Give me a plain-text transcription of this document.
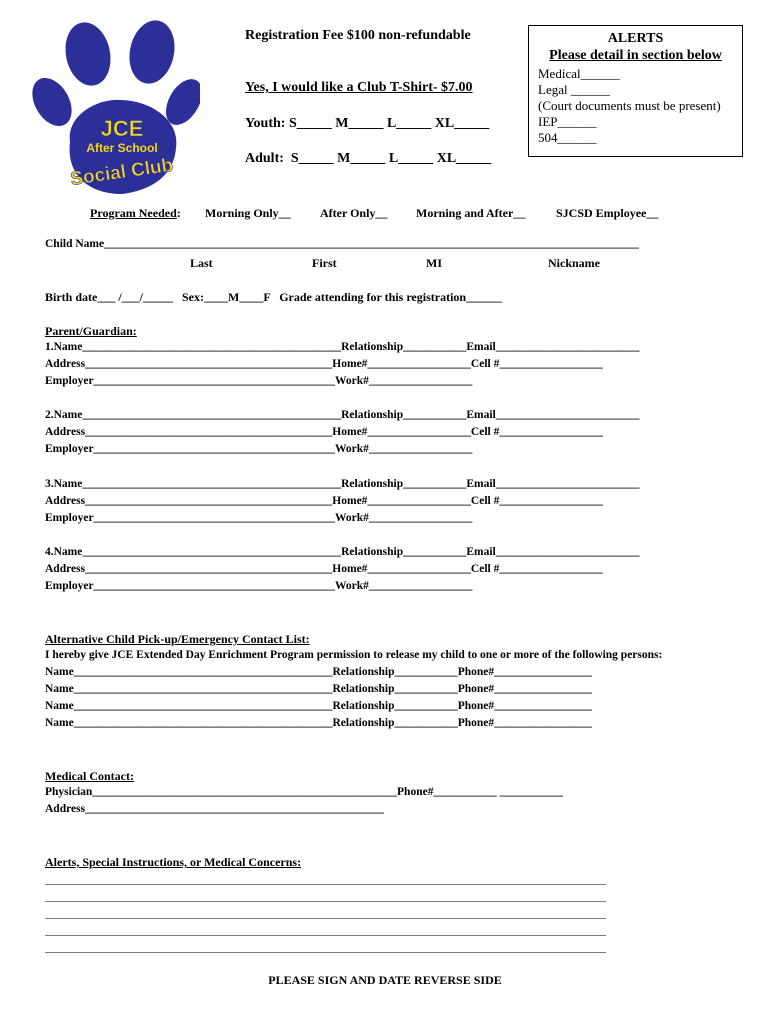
JCE
After School
Social Club
Registration Fee $100 non-refundable
Yes, I would like a Club T-Shirt- $7.00
Youth: S_____ M_____ L_____ XL_____
Adult:  S_____ M_____ L_____ XL_____
ALERTS
Please detail in section below
Medical______
Legal ______
(Court documents must be present)
IEP______
504______
Program Needed: Morning Only__ After Only__ Morning and After__	SJCSD Employee__
Child Name_____________________________________________________________________________________________
Last	First	MI	Nickname
Birth date___ /___/_____   Sex:____M____F   Grade attending for this registration______
Parent/Guardian:
1.Name_____________________________________________Relationship___________Email_________________________
Address___________________________________________Home#__________________Cell #__________________
Employer__________________________________________Work#__________________
2.Name_____________________________________________Relationship___________Email_________________________
Address___________________________________________Home#__________________Cell #__________________
Employer__________________________________________Work#__________________
3.Name_____________________________________________Relationship___________Email_________________________
Address___________________________________________Home#__________________Cell #__________________
Employer__________________________________________Work#__________________
4.Name_____________________________________________Relationship___________Email_________________________
Address___________________________________________Home#__________________Cell #__________________
Employer__________________________________________Work#__________________
Alternative Child Pick-up/Emergency Contact List:
I hereby give JCE Extended Day Enrichment Program permission to release my child to one or more of the following persons:
Name_____________________________________________Relationship___________Phone#_________________
Name_____________________________________________Relationship___________Phone#_________________
Name_____________________________________________Relationship___________Phone#_________________
Name_____________________________________________Relationship___________Phone#_________________
Medical Contact:
Physician_____________________________________________________Phone#___________ ___________
Address____________________________________________________
Alerts, Special Instructions, or Medical Concerns:
______________________________________________________________________________________________________
______________________________________________________________________________________________________
______________________________________________________________________________________________________
______________________________________________________________________________________________________
______________________________________________________________________________________________________
PLEASE SIGN AND DATE REVERSE SIDE
